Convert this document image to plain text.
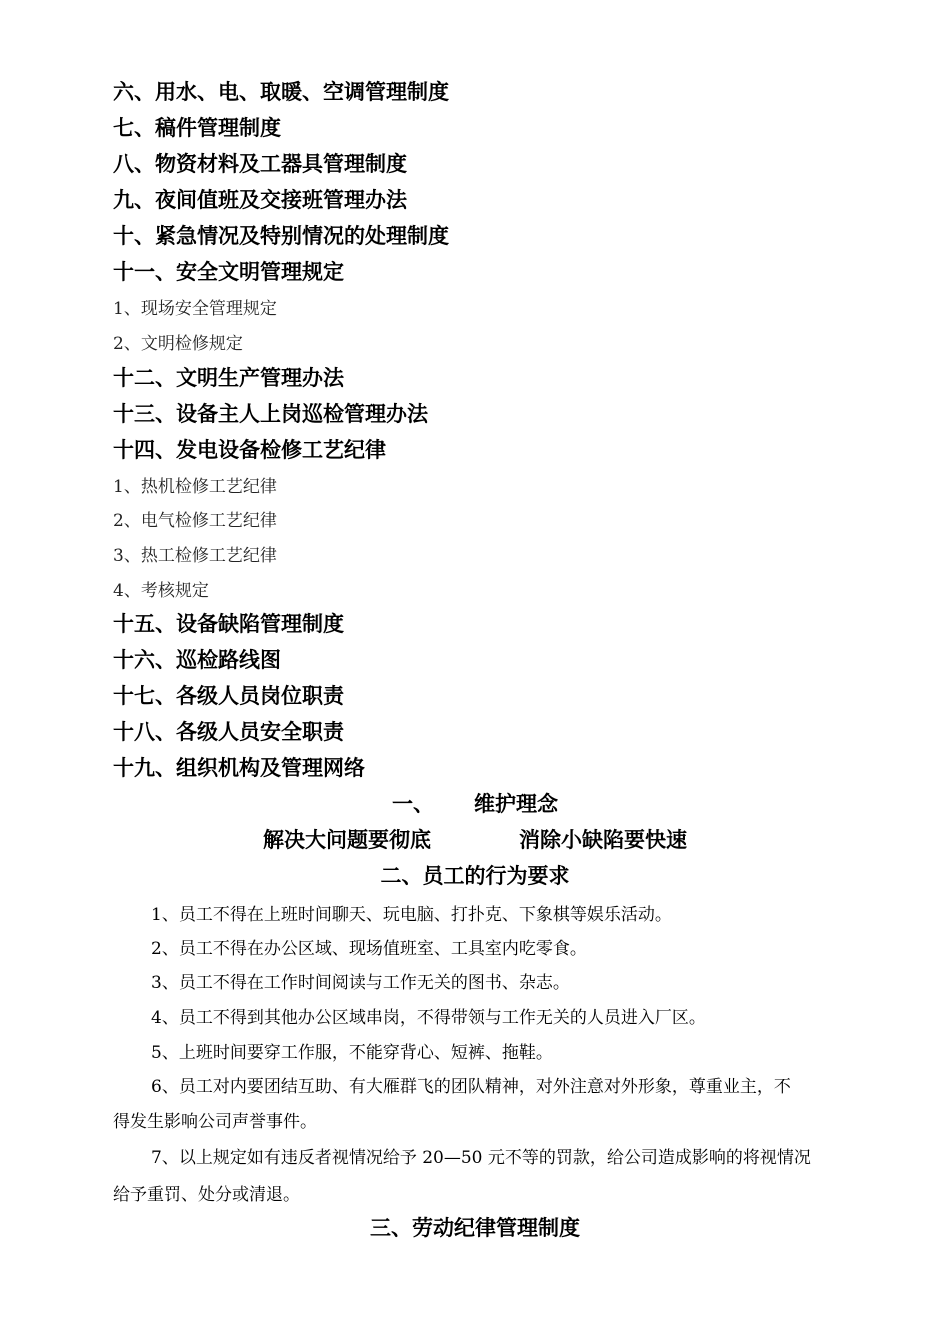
六、用水、电、取暖、空调管理制度
七、稿件管理制度
八、物资材料及工器具管理制度
九、夜间值班及交接班管理办法
十、紧急情况及特别情况的处理制度
十一、安全文明管理规定
1、现场安全管理规定
2、文明检修规定
十二、文明生产管理办法
十三、设备主人上岗巡检管理办法
十四、发电设备检修工艺纪律
1、热机检修工艺纪律
2、电气检修工艺纪律
3、热工检修工艺纪律
4、考核规定
十五、设备缺陷管理制度
十六、巡检路线图
十七、各级人员岗位职责
十八、各级人员安全职责
十九、组织机构及管理网络
一、 维护理念
解决大问题要彻底	消除小缺陷要快速
二、员工的行为要求
1、员工不得在上班时间聊天、玩电脑、打扑克、下象棋等娱乐活动。
2、员工不得在办公区域、现场值班室、工具室内吃零食。
3、员工不得在工作时间阅读与工作无关的图书、杂志。
4、员工不得到其他办公区域串岗，不得带领与工作无关的人员进入厂区。
5、上班时间要穿工作服，不能穿背心、短裤、拖鞋。
6、员工对内要团结互助、有大雁群飞的团队精神，对外注意对外形象，尊重业主，不
得发生影响公司声誉事件。
7、以上规定如有违反者视情况给予 20—50 元不等的罚款，给公司造成影响的将视情况
给予重罚、处分或清退。
三、劳动纪律管理制度
